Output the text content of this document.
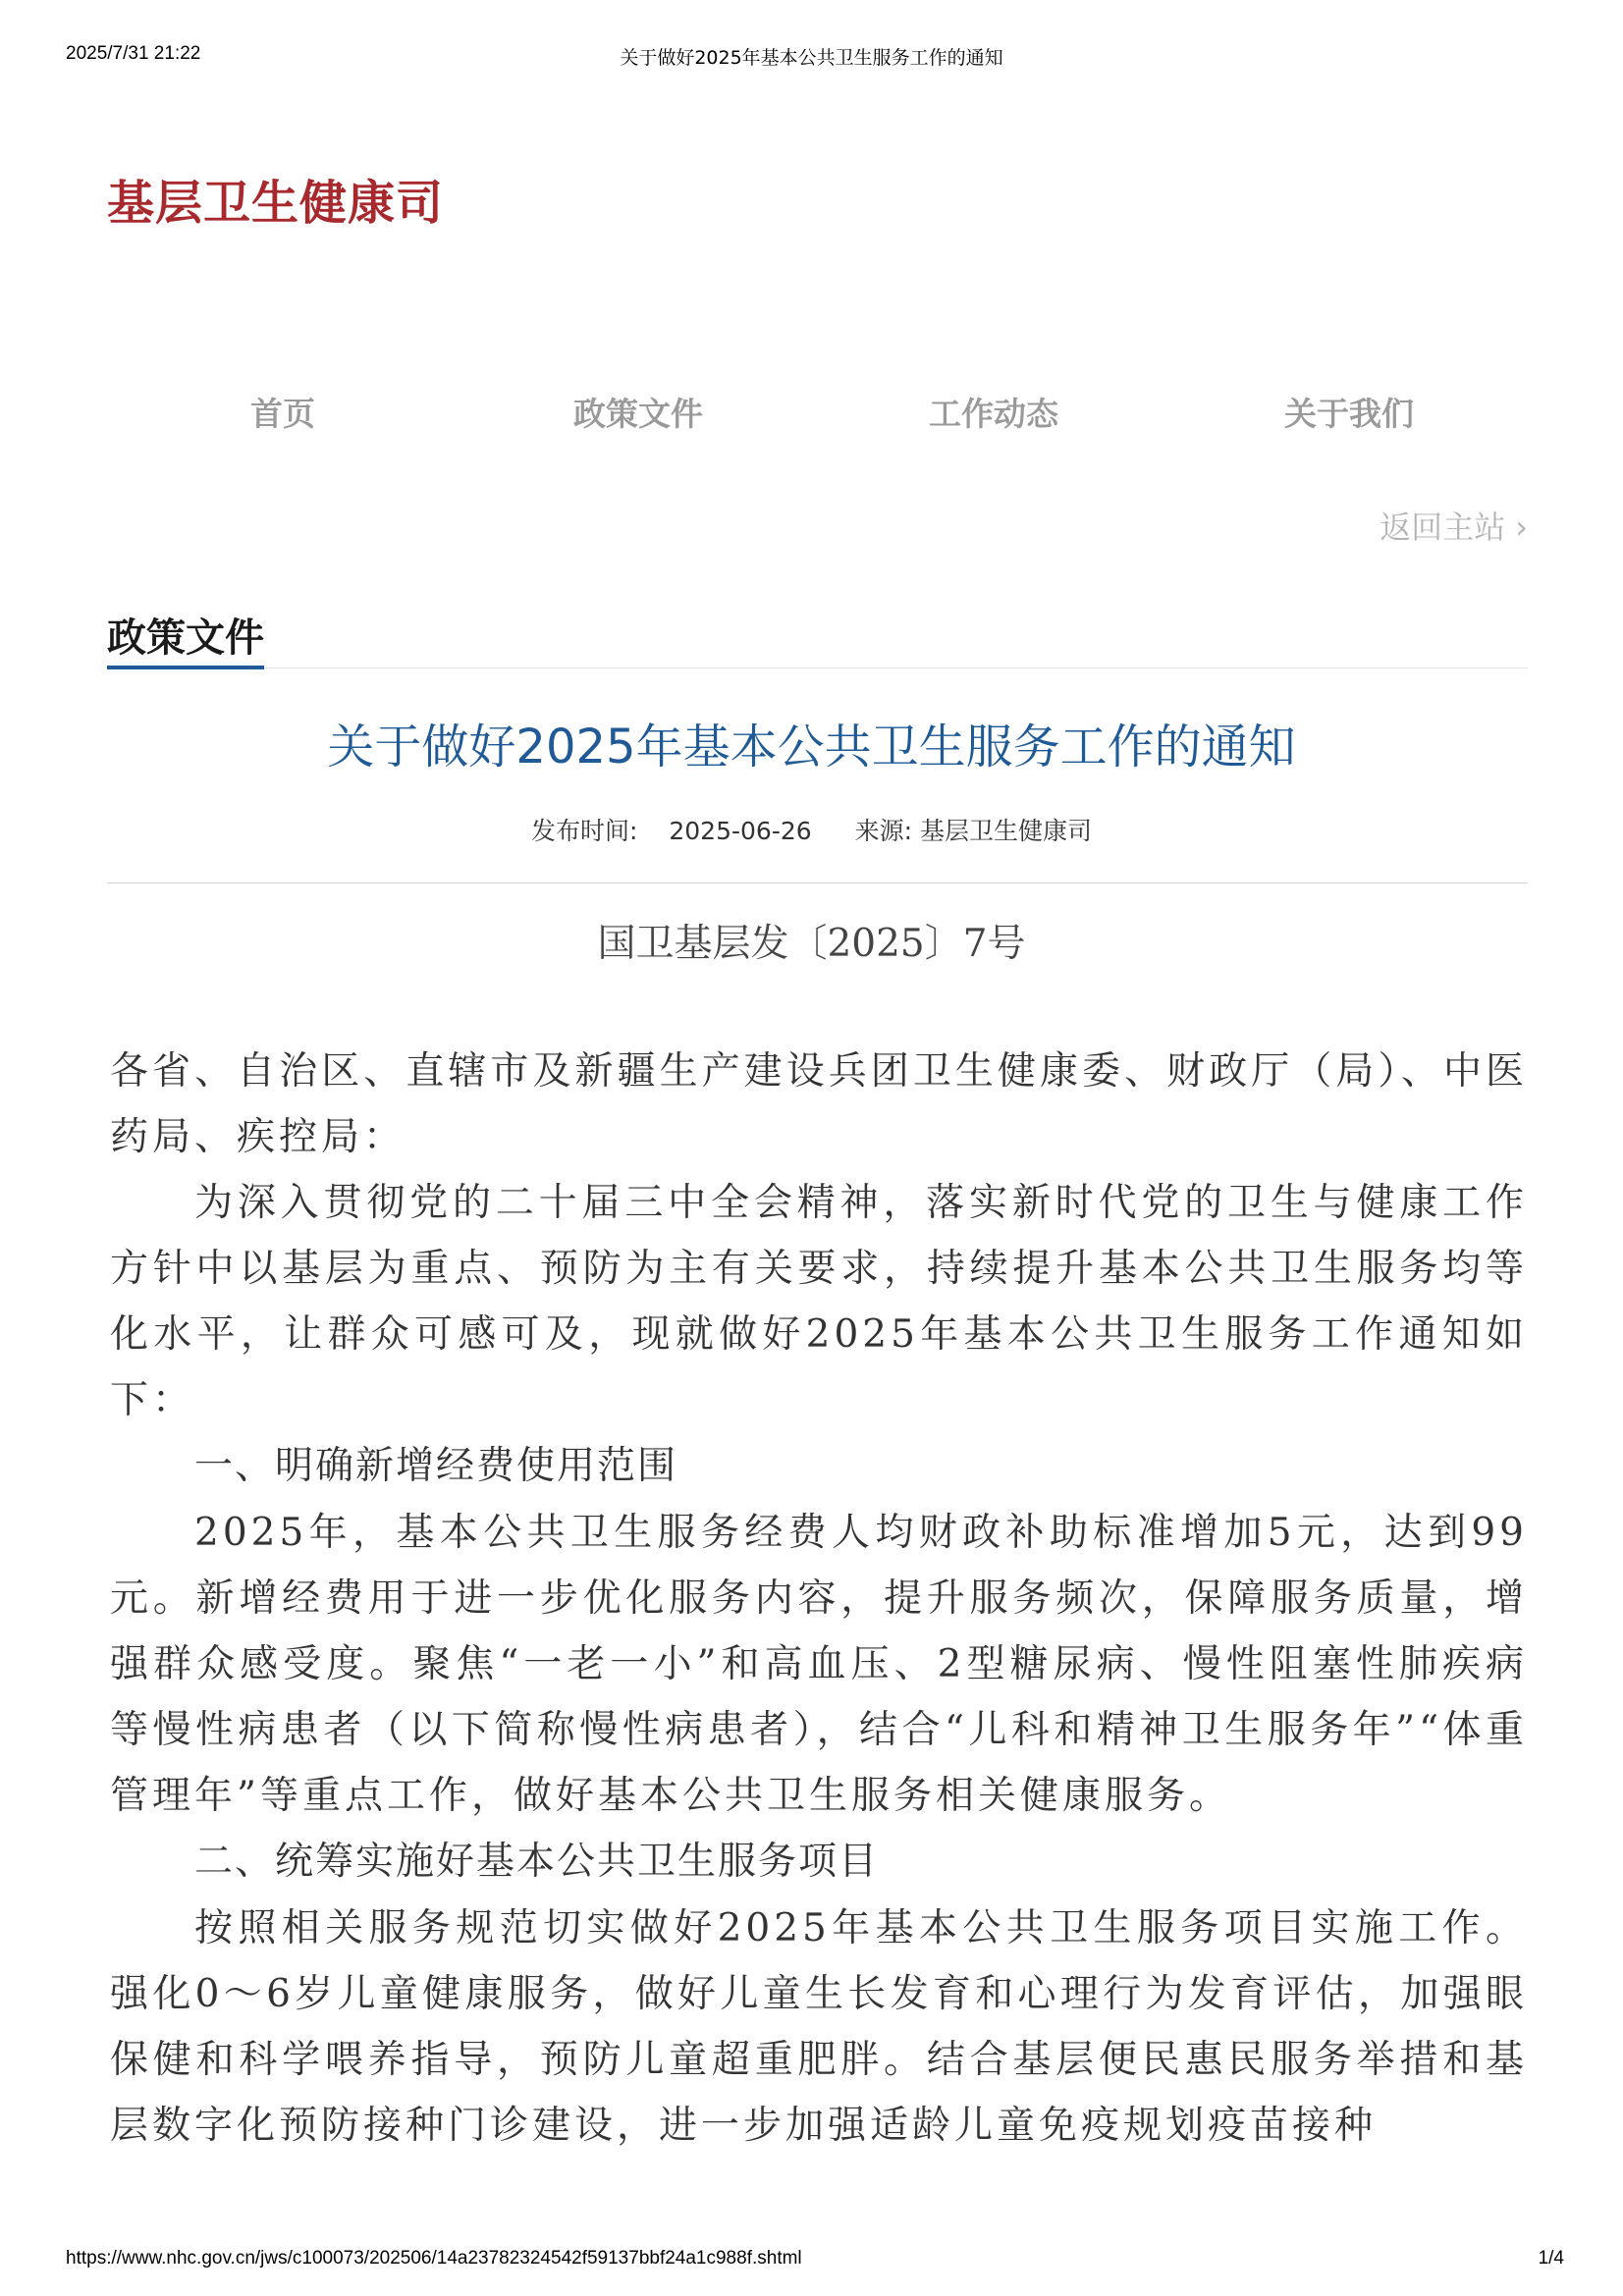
2025/7/31 21:22	关于做好2025年基本公共卫生服务工作的通知
基层卫生健康司
首页	政策文件	工作动态	关于我们
返回主站 ›
政策文件
关于做好2025年基本公共卫生服务工作的通知
发布时间: 2025-06-26 来源: 基层卫生健康司
国卫基层发〔2025〕7号

各省、自治区、直辖市及新疆生产建设兵团卫生健康委、财政厅（局）、中医药局、疾控局：

为深入贯彻党的二十届三中全会精神，落实新时代党的卫生与健康工作方针中以基层为重点、预防为主有关要求，持续提升基本公共卫生服务均等化水平，让群众可感可及，现就做好2025年基本公共卫生服务工作通知如下：

一、明确新增经费使用范围

2025年，基本公共卫生服务经费人均财政补助标准增加5元，达到99元。新增经费用于进一步优化服务内容，提升服务频次，保障服务质量，增强群众感受度。聚焦“一老一小”和高血压、2型糖尿病、慢性阻塞性肺疾病等慢性病患者（以下简称慢性病患者），结合“儿科和精神卫生服务年”“体重管理年”等重点工作，做好基本公共卫生服务相关健康服务。

二、统筹实施好基本公共卫生服务项目

按照相关服务规范切实做好2025年基本公共卫生服务项目实施工作。强化0～6岁儿童健康服务，做好儿童生长发育和心理行为发育评估，加强眼保健和科学喂养指导，预防儿童超重肥胖。结合基层便民惠民服务举措和基层数字化预防接种门诊建设，进一步加强适龄儿童免疫规划疫苗接种

https://www.nhc.gov.cn/jws/c100073/202506/14a23782324542f59137bbf24a1c988f.shtml	1/4
